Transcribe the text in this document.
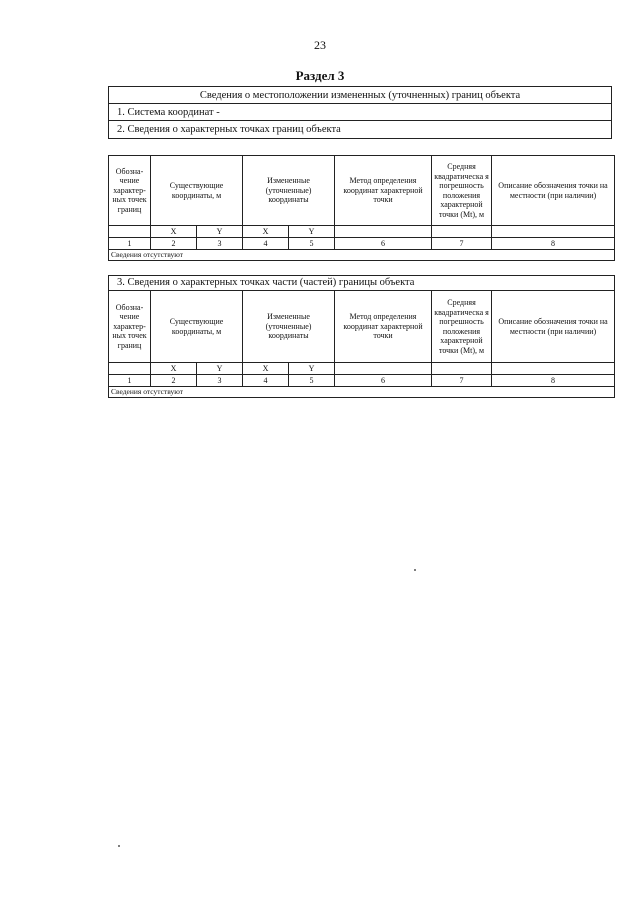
23
Раздел 3
Сведения о местоположении измененных (уточненных) границ объекта
1. Система координат -
2. Сведения о характерных точках границ объекта
Обозна-чение характер-ных точек границ	Существующие координаты, м		Измененные (уточненные) координаты		Метод определения координат характерной точки	Средняя квадратическа я погрешность положения характерной точки (Mt), м	Описание обозначения точки на местности (при наличии)
	X	Y	X	Y			
1	2	3	4	5	6	7	8
Сведения отсутствуют							
3. Сведения о характерных точках части (частей) границы объекта							
Обозна-чение характер-ных точек границ	Существующие координаты, м		Измененные (уточненные) координаты		Метод определения координат характерной точки	Средняя квадратическа я погрешность положения характерной точки (Mt), м	Описание обозначения точки на местности (при наличии)
	X	Y	X	Y			
1	2	3	4	5	6	7	8
Сведения отсутствуют							
